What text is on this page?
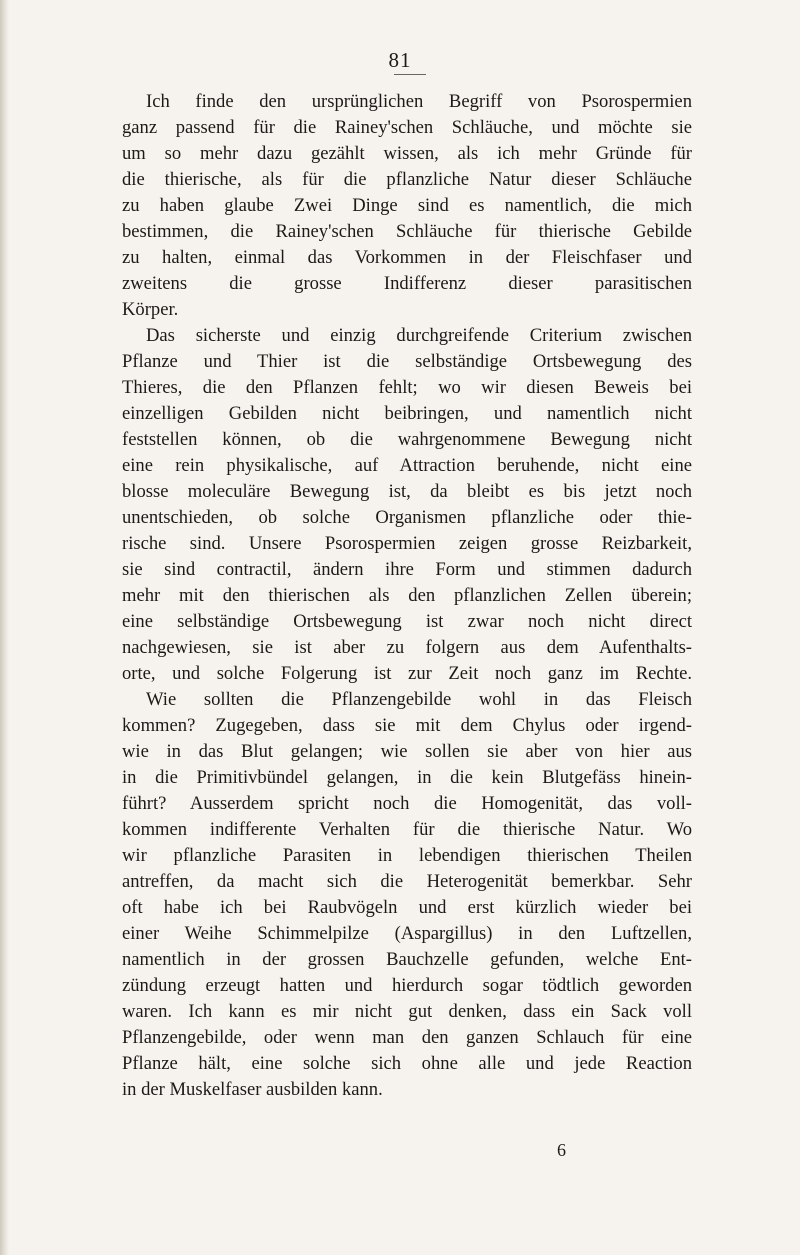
81
Ich finde den ursprünglichen Begriff von Psorospermien
ganz passend für die Rainey'schen Schläuche, und möchte sie
um so mehr dazu gezählt wissen, als ich mehr Gründe für
die thierische, als für die pflanzliche Natur dieser Schläuche
zu haben glaube Zwei Dinge sind es namentlich, die mich
bestimmen, die Rainey'schen Schläuche für thierische Gebilde
zu halten, einmal das Vorkommen in der Fleischfaser und
zweitens die grosse Indifferenz dieser parasitischen
Körper.
Das sicherste und einzig durchgreifende Criterium zwischen
Pflanze und Thier ist die selbständige Ortsbewegung des
Thieres, die den Pflanzen fehlt; wo wir diesen Beweis bei
einzelligen Gebilden nicht beibringen, und namentlich nicht
feststellen können, ob die wahrgenommene Bewegung nicht
eine rein physikalische, auf Attraction beruhende, nicht eine
blosse moleculäre Bewegung ist, da bleibt es bis jetzt noch
unentschieden, ob solche Organismen pflanzliche oder thie-
rische sind. Unsere Psorospermien zeigen grosse Reizbarkeit,
sie sind contractil, ändern ihre Form und stimmen dadurch
mehr mit den thierischen als den pflanzlichen Zellen überein;
eine selbständige Ortsbewegung ist zwar noch nicht direct
nachgewiesen, sie ist aber zu folgern aus dem Aufenthalts-
orte, und solche Folgerung ist zur Zeit noch ganz im Rechte.
Wie sollten die Pflanzengebilde wohl in das Fleisch
kommen? Zugegeben, dass sie mit dem Chylus oder irgend-
wie in das Blut gelangen; wie sollen sie aber von hier aus
in die Primitivbündel gelangen, in die kein Blutgefäss hinein-
führt? Ausserdem spricht noch die Homogenität, das voll-
kommen indifferente Verhalten für die thierische Natur. Wo
wir pflanzliche Parasiten in lebendigen thierischen Theilen
antreffen, da macht sich die Heterogenität bemerkbar. Sehr
oft habe ich bei Raubvögeln und erst kürzlich wieder bei
einer Weihe Schimmelpilze (Aspargillus) in den Luftzellen,
namentlich in der grossen Bauchzelle gefunden, welche Ent-
zündung erzeugt hatten und hierdurch sogar tödtlich geworden
waren. Ich kann es mir nicht gut denken, dass ein Sack voll
Pflanzengebilde, oder wenn man den ganzen Schlauch für eine
Pflanze hält, eine solche sich ohne alle und jede Reaction
in der Muskelfaser ausbilden kann.
6
